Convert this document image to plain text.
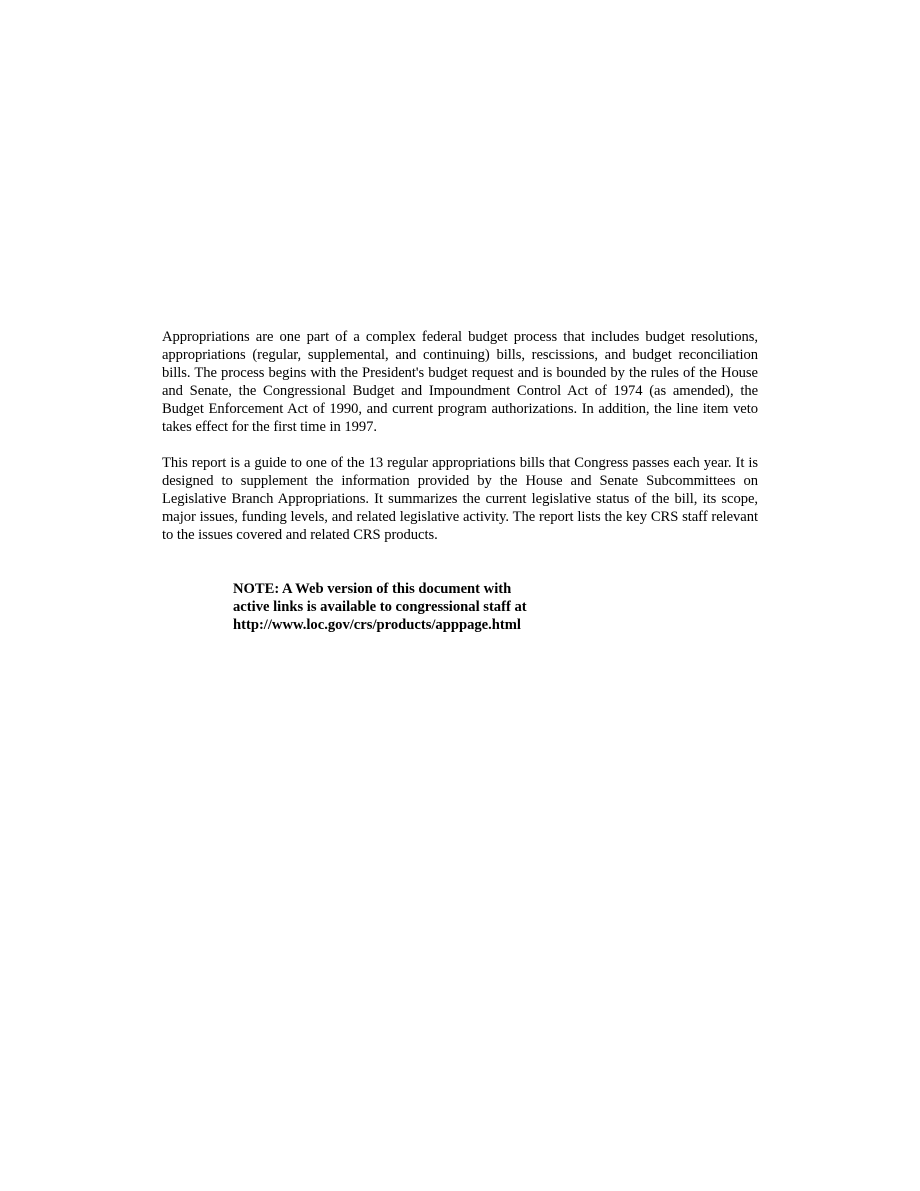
Appropriations are one part of a complex federal budget process that includes budget resolutions, appropriations (regular, supplemental, and continuing) bills, rescissions, and budget reconciliation bills. The process begins with the President's budget request and is bounded by the rules of the House and Senate, the Congressional Budget and Impoundment Control Act of 1974 (as amended), the Budget Enforcement Act of 1990, and current program authorizations. In addition, the line item veto takes effect for the first time in 1997.

This report is a guide to one of the 13 regular appropriations bills that Congress passes each year. It is designed to supplement the information provided by the House and Senate Subcommittees on Legislative Branch Appropriations. It summarizes the current legislative status of the bill, its scope, major issues, funding levels, and related legislative activity. The report lists the key CRS staff relevant to the issues covered and related CRS products.

NOTE: A Web version of this document with
active links is available to congressional staff at
http://www.loc.gov/crs/products/apppage.html
